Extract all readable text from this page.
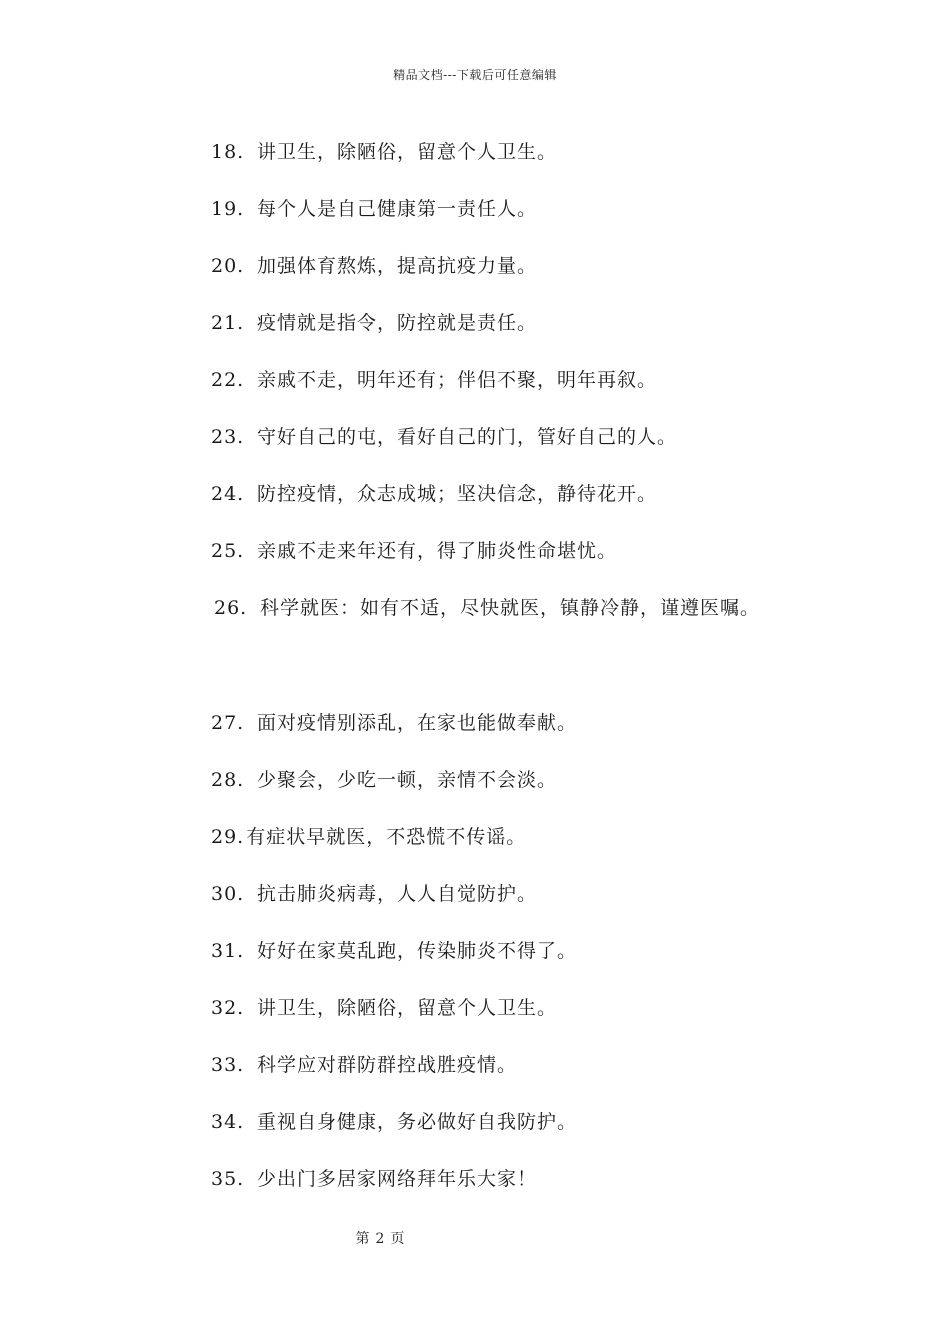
精品文档---下载后可任意编辑
18. 讲卫生，除陋俗，留意个人卫生。
19. 每个人是自己健康第一责任人。
20. 加强体育熬炼，提高抗疫力量。
21. 疫情就是指令，防控就是责任。
22. 亲戚不走，明年还有；伴侣不聚，明年再叙。
23. 守好自己的屯，看好自己的门，管好自己的人。
24. 防控疫情，众志成城；坚决信念，静待花开。
25. 亲戚不走来年还有，得了肺炎性命堪忧。
26. 科学就医：如有不适，尽快就医，镇静冷静，谨遵医嘱。
27. 面对疫情别添乱，在家也能做奉献。
28. 少聚会，少吃一顿，亲情不会淡。
29. 有症状早就医，不恐慌不传谣。
30. 抗击肺炎病毒，人人自觉防护。
31. 好好在家莫乱跑，传染肺炎不得了。
32. 讲卫生，除陋俗，留意个人卫生。
33. 科学应对群防群控战胜疫情。
34. 重视自身健康，务必做好自我防护。
35. 少出门多居家网络拜年乐大家！
第 2 页
